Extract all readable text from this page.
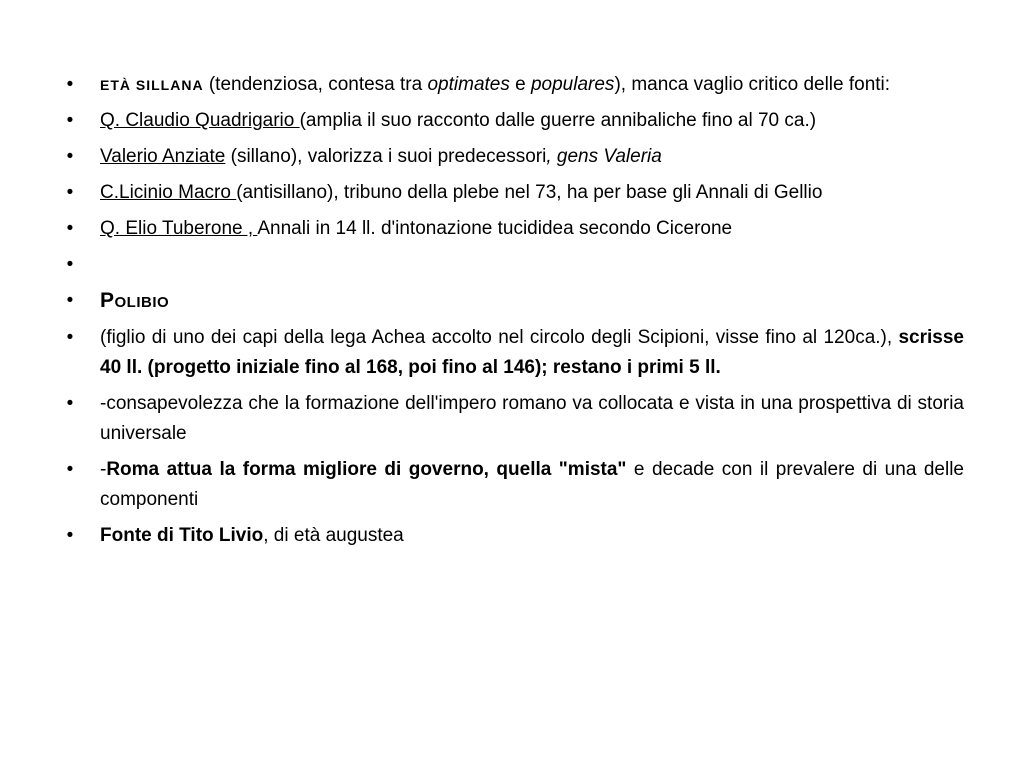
•	ETÀ SILLANA (tendenziosa, contesa tra optimates e populares), manca vaglio critico delle fonti:
•	Q. Claudio Quadrigario (amplia il suo racconto dalle guerre annibaliche fino al 70 ca.)
•	Valerio Anziate (sillano), valorizza i suoi predecessori, gens Valeria
•	C.Licinio Macro (antisillano), tribuno della plebe nel 73, ha per base gli Annali di Gellio
•	Q. Elio Tuberone , Annali in 14 ll. d'intonazione tucididea secondo Cicerone
•
•	Polibio
•	(figlio di uno dei capi della lega Achea accolto nel circolo degli Scipioni, visse fino al 120ca.), scrisse 40 ll. (progetto iniziale fino al 168, poi fino al 146); restano i primi 5 ll.
•	-consapevolezza che la formazione dell'impero romano va collocata e vista in una prospettiva di storia universale
•	-Roma attua la forma migliore di governo, quella "mista" e decade con il prevalere di una delle componenti
•	Fonte di Tito Livio, di età augustea
